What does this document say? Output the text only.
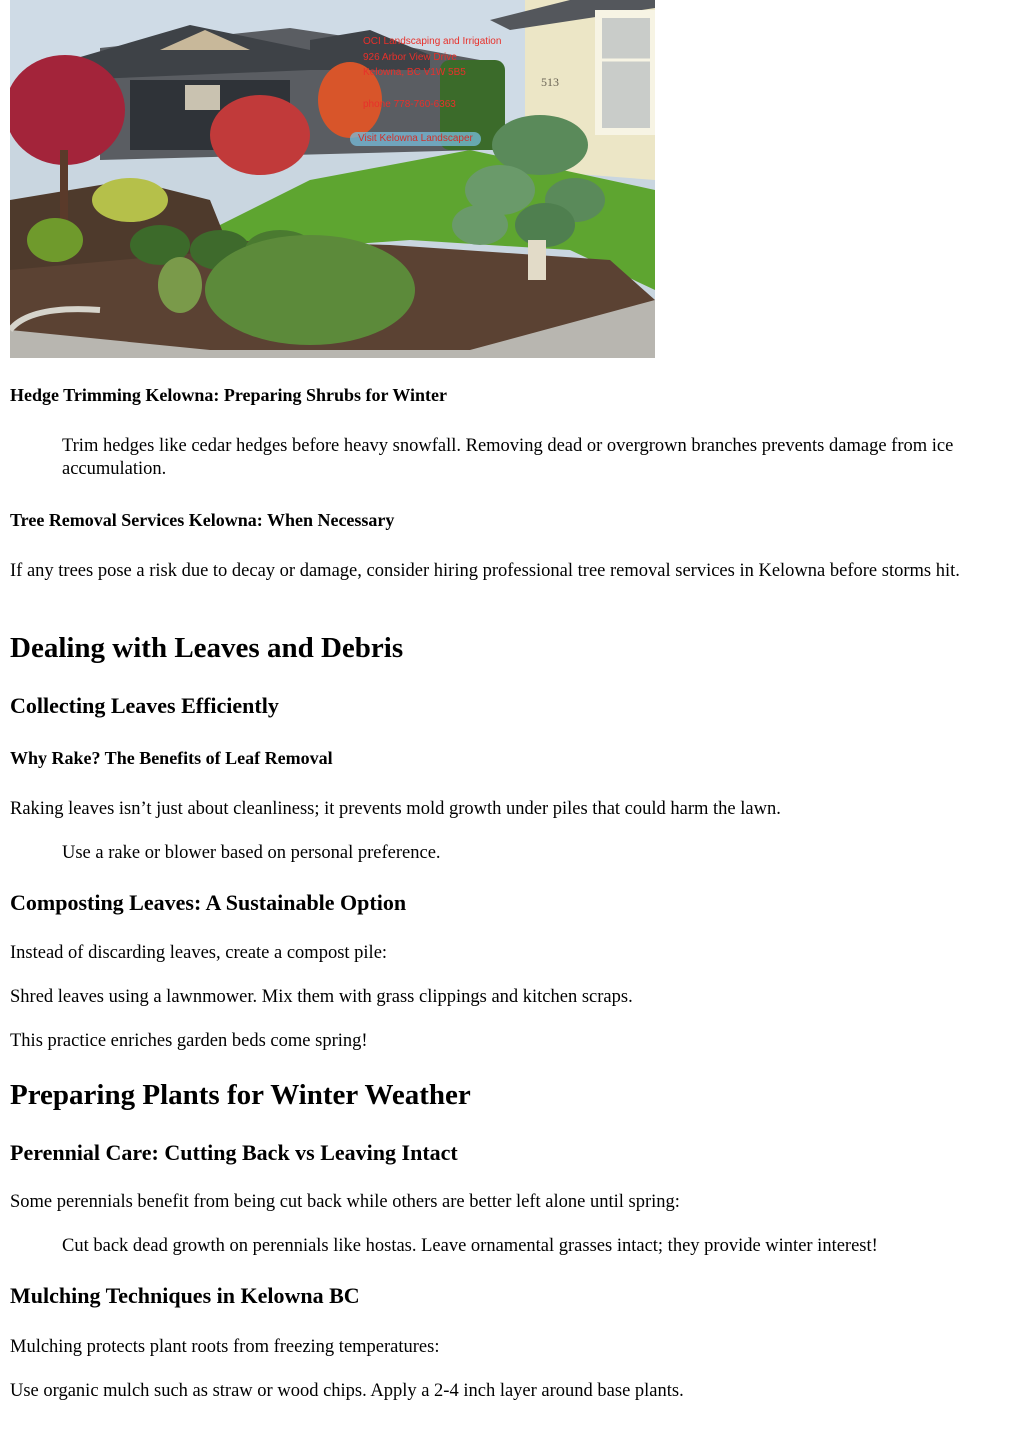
OCI Landscaping and Irrigation
926 Arbor View Drive
Kelowna, BC V1W 5B5
phone 778-760-6363
Visit Kelowna Landscaper
513
Hedge Trimming Kelowna: Preparing Shrubs for Winter

Trim hedges like cedar hedges before heavy snowfall. Removing dead or overgrown branches prevents damage from ice accumulation.

Tree Removal Services Kelowna: When Necessary

If any trees pose a risk due to decay or damage, consider hiring professional tree removal services in Kelowna before storms hit.

Dealing with Leaves and Debris
Collecting Leaves Efficiently
Why Rake? The Benefits of Leaf Removal

Raking leaves isn’t just about cleanliness; it prevents mold growth under piles that could harm the lawn.

Use a rake or blower based on personal preference.

Composting Leaves: A Sustainable Option

Instead of discarding leaves, create a compost pile:

Shred leaves using a lawnmower. Mix them with grass clippings and kitchen scraps.

This practice enriches garden beds come spring!

Preparing Plants for Winter Weather
Perennial Care: Cutting Back vs Leaving Intact

Some perennials benefit from being cut back while others are better left alone until spring:

Cut back dead growth on perennials like hostas. Leave ornamental grasses intact; they provide winter interest!

Mulching Techniques in Kelowna BC

Mulching protects plant roots from freezing temperatures:

Use organic mulch such as straw or wood chips. Apply a 2-4 inch layer around base plants.
